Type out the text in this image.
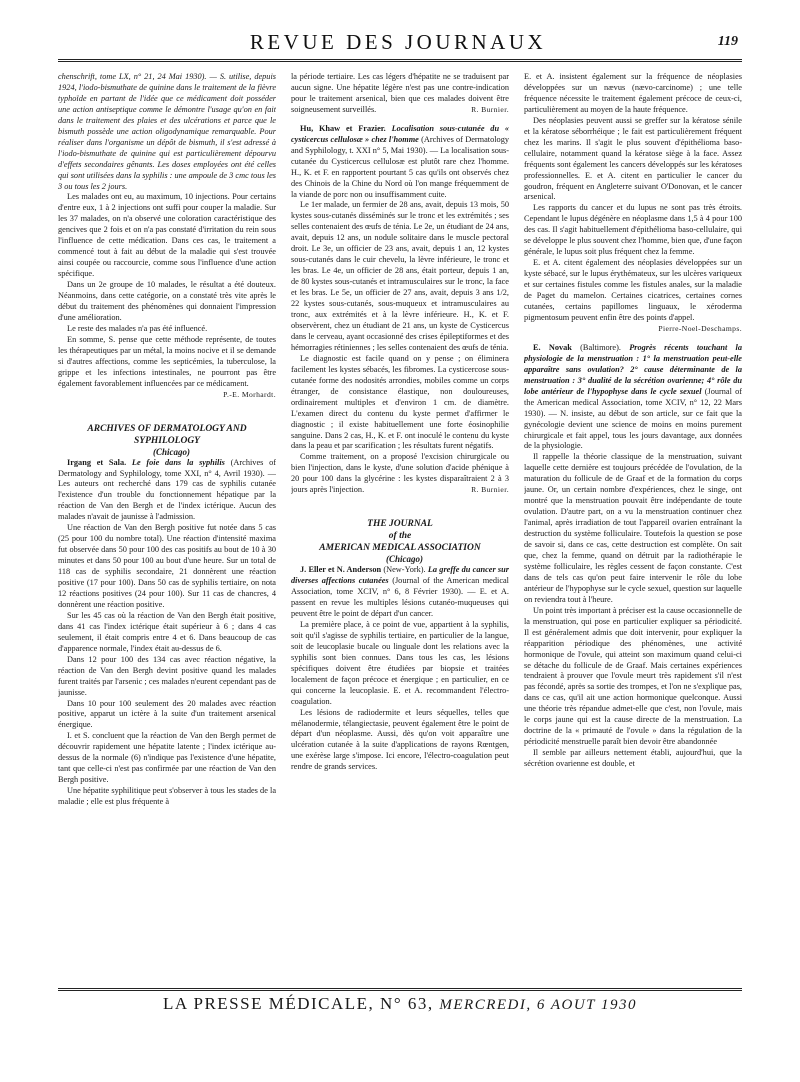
REVUE DES JOURNAUX	119

chenschrift, tome LX, n° 21, 24 Mai 1930). — S. utilise, depuis 1924, l'iodo-bismuthate de quinine dans le traitement de la fièvre typhoïde en partant de l'idée que ce médicament doit posséder une action antiseptique comme le démontre l'usage qu'on en fait dans le traitement des plaies et des ulcérations et parce que le bismuth possède une action oligodynamique remarquable. Pour réaliser dans l'organisme un dépôt de bismuth, il s'est adressé à l'iodo-bismuthate de quinine qui est particulièrement dépourvu d'effets secondaires gênants. Les doses employées ont été celles qui sont utilisées dans la syphilis : une ampoule de 3 cmc tous les 3 ou tous les 2 jours.

Les malades ont eu, au maximum, 10 injections. Pour certains d'entre eux, 1 à 2 injections ont suffi pour couper la maladie. Sur les 37 malades, on n'a observé une coloration caractéristique des gencives que 2 fois et on n'a pas constaté d'irritation du rein sous l'influence de cette médication. Dans ces cas, le traitement a commencé tout à fait au début de la maladie qui s'est trouvée ainsi coupée ou raccourcie, comme sous l'influence d'une action spécifique.

Dans un 2e groupe de 10 malades, le résultat a été douteux. Néanmoins, dans cette catégorie, on a constaté très vite après le début du traitement des phénomènes qui donnaient l'impression d'une amélioration.

Le reste des malades n'a pas été influencé.

En somme, S. pense que cette méthode représente, de toutes les thérapeutiques par un métal, la moins nocive et il se demande si d'autres affections, comme les septicémies, la tuberculose, la grippe et les infections intestinales, ne pourront pas être également favorablement influencées par ce médicament.

P.-E. Morhardt.

ARCHIVES OF DERMATOLOGY AND SYPHILOLOGY

(Chicago)

Irgang et Sala. Le foie dans la syphilis (Archives of Dermatology and Syphilology, tome XXI, n° 4, Avril 1930). — Les auteurs ont recherché dans 179 cas de syphilis cutanée l'existence d'un trouble du fonctionnement hépatique par la réaction de Van den Bergh et de l'index ictérique. Aucun des malades n'avait de jaunisse à l'admission.

Une réaction de Van den Bergh positive fut notée dans 5 cas (25 pour 100 du nombre total). Une réaction d'intensité maxima fut observée dans 50 pour 100 des cas positifs au bout de 10 à 30 minutes et dans 50 pour 100 au bout d'une heure. Sur un total de 118 cas de syphilis secondaire, 21 donnèrent une réaction positive (17 pour 100). Dans 50 cas de syphilis tertiaire, on nota 12 réactions positives (24 pour 100). Sur 11 cas de chancres, 4 donnèrent une réaction positive.

Sur les 45 cas où la réaction de Van den Bergh était positive, dans 41 cas l'index ictérique était supérieur à 6 ; dans 4 cas seulement, il était compris entre 4 et 6. Dans beaucoup de cas d'apparence normale, l'index était au-dessus de 6.

Dans 12 pour 100 des 134 cas avec réaction négative, la réaction de Van den Bergh devint positive quand les malades furent traités par l'arsenic ; ces malades n'eurent cependant pas de jaunisse.

Dans 10 pour 100 seulement des 20 malades avec réaction positive, apparut un ictère à la suite d'un traitement arsenical énergique.

I. et S. concluent que la réaction de Van den Bergh permet de découvrir rapidement une hépatite latente ; l'index ictérique au-dessus de la normale (6) n'indique pas l'existence d'une hépatite, tant que celle-ci n'est pas confirmée par une réaction de Van den Bergh positive.

Une hépatite syphilitique peut s'observer à tous les stades de la maladie ; elle est plus fréquente à

la période tertiaire. Les cas légers d'hépatite ne se traduisent par aucun signe. Une hépatite légère n'est pas une contre-indication pour le traitement arsenical, bien que ces malades doivent être soigneusement surveillés.	R. Burnier.

Hu, Khaw et Frazier. Localisation sous-cutanée du « cysticercus cellulosæ » chez l'homme (Archives of Dermatology and Syphilology, t. XXI n° 5, Mai 1930). — La localisation sous-cutanée du Cysticercus cellulosæ est plutôt rare chez l'homme. H., K. et F. en rapportent pourtant 5 cas qu'ils ont observés chez des Chinois de la Chine du Nord où l'on mange fréquemment de la viande de porc non ou insuffisamment cuite.

Le 1er malade, un fermier de 28 ans, avait, depuis 13 mois, 50 kystes sous-cutanés disséminés sur le tronc et les extrémités ; ses selles contenaient des œufs de ténia. Le 2e, un étudiant de 24 ans, avait, depuis 12 ans, un nodule solitaire dans le muscle pectoral droit. Le 3e, un officier de 23 ans, avait, depuis 1 an, 12 kystes sous-cutanés dans le cuir chevelu, la lèvre inférieure, le tronc et les bras. Le 4e, un officier de 28 ans, était porteur, depuis 1 an, de 80 kystes sous-cutanés et intramusculaires sur le tronc, la face et les bras. Le 5e, un officier de 27 ans, avait, depuis 3 ans 1/2, 22 kystes sous-cutanés, sous-muqueux et intramusculaires au tronc, aux extrémités et à la lèvre inférieure. H., K. et F. observèrent, chez un étudiant de 21 ans, un kyste de Cysticercus dans le cerveau, ayant occasionné des crises épileptiformes et des hémorragies rétiniennes ; les selles contenaient des œufs de ténia.

Le diagnostic est facile quand on y pense ; on éliminera facilement les kystes sébacés, les fibromes. La cysticercose sous-cutanée forme des nodosités arrondies, mobiles comme un corps étranger, de consistance élastique, non douloureuses, ordinairement multiples et d'environ 1 cm. de diamètre. L'examen direct du contenu du kyste permet d'affirmer le diagnostic ; il existe habituellement une forte éosinophilie sanguine. Dans 2 cas, H., K. et F. ont inoculé le contenu du kyste dans la peau et par scarification ; les résultats furent négatifs.

Comme traitement, on a proposé l'excision chirurgicale ou bien l'injection, dans le kyste, d'une solution d'acide phénique à 20 pour 100 dans la glycérine : les kystes disparaîtraient 2 à 3 jours après l'injection.	R. Burnier.

THE JOURNAL

of the

AMERICAN MEDICAL ASSOCIATION

(Chicago)

J. Eller et N. Anderson (New-York). La greffe du cancer sur diverses affections cutanées (Journal of the American medical Association, tome XCIV, n° 6, 8 Février 1930). — E. et A. passent en revue les multiples lésions cutanéo-muqueuses qui peuvent être le point de départ d'un cancer.

La première place, à ce point de vue, appartient à la syphilis, soit qu'il s'agisse de syphilis tertiaire, en particulier de la langue, soit de leucoplasie bucale ou linguale dont les relations avec la syphilis sont bien connues. Dans tous les cas, les lésions spécifiques doivent être étudiées par biopsie et traitées localement de façon précoce et énergique ; en particulier, en ce qui concerne la leucoplasie. E. et A. recommandent l'électro-coagulation.

Les lésions de radiodermite et leurs séquelles, telles que mélanodermie, télangiectasie, peuvent également être le point de départ d'un néoplasme. Aussi, dès qu'on voit apparaître une ulcération cutanée à la suite d'applications de rayons Rœntgen, une exérèse large s'impose. Ici encore, l'électro-coagulation peut rendre de grands services.

E. et A. insistent également sur la fréquence de néoplasies développées sur un nævus (nævo-carcinome) ; une telle fréquence nécessite le traitement également précoce de ceux-ci, particulièrement au moyen de la haute fréquence.

Des néoplasies peuvent aussi se greffer sur la kératose sénile et la kératose séborrhéique ; le fait est particulièrement fréquent chez les marins. Il s'agit le plus souvent d'épithélioma baso-cellulaire, notamment quand la kératose siège à la face. Assez fréquents sont également les cancers développés sur les kératoses professionnelles. E. et A. citent en particulier le cancer du goudron, fréquent en Angleterre suivant O'Donovan, et le cancer arsenical.

Les rapports du cancer et du lupus ne sont pas très étroits. Cependant le lupus dégénère en néoplasme dans 1,5 à 4 pour 100 des cas. Il s'agit habituellement d'épithélioma baso-cellulaire, qui se développe le plus souvent chez l'homme, bien que, d'une façon générale, le lupus soit plus fréquent chez la femme.

E. et A. citent également des néoplasies développées sur un kyste sébacé, sur le lupus érythémateux, sur les ulcères variqueux et sur certaines fistules comme les fistules anales, sur la maladie de Paget du mamelon. Certaines cicatrices, certaines cornes cutanées, certains papillomes linguaux, le xéroderma pigmentosum peuvent enfin être des points d'appel.

Pierre-Noel-Deschamps.

E. Novak (Baltimore). Progrès récents touchant la physiologie de la menstruation : 1° la menstruation peut-elle apparaître sans ovulation? 2° cause déterminante de la menstruation : 3° dualité de la sécrétion ovarienne; 4° rôle du lobe antérieur de l'hypophyse dans le cycle sexuel (Journal of the American medical Association, tome XCIV, n° 12, 22 Mars 1930). — N. insiste, au début de son article, sur ce fait que la gynécologie devient une science de moins en moins purement chirurgicale et fait appel, tous les jours davantage, aux données de la physiologie.

Il rappelle la théorie classique de la menstruation, suivant laquelle cette dernière est toujours précédée de l'ovulation, de la maturation du follicule de de Graaf et de la formation du corps jaune. Or, un certain nombre d'expériences, chez le singe, ont montré que la menstruation pouvait être indépendante de toute ovulation. D'autre part, on a vu la menstruation continuer chez l'animal, après irradiation de tout l'appareil ovarien entraînant la destruction du système folliculaire. Toutefois la question se pose de savoir si, dans ce cas, cette destruction est complète. On sait que, chez la femme, quand on détruit par la radiothérapie le système folliculaire, les règles cessent de façon constante. C'est dans de tels cas qu'on peut faire intervenir le rôle du lobe antérieur de l'hypophyse sur le cycle sexuel, question sur laquelle on reviendra tout à l'heure.

Un point très important à préciser est la cause occasionnelle de la menstruation, qui pose en particulier expliquer sa périodicité. Il est généralement admis que doit intervenir, pour expliquer la réapparition périodique des phénomènes, une activité hormonique de l'ovule, qui atteint son maximum quand celui-ci se détache du follicule de de Graaf. Mais certaines expériences tendraient à prouver que l'ovule meurt très rapidement s'il n'est pas fécondé, après sa sortie des trompes, et l'on ne s'explique pas, dans ce cas, qu'il ait une action hormonique quelconque. Aussi une théorie très répandue admet-elle que c'est, non l'ovule, mais le corps jaune qui est la cause directe de la menstruation. La doctrine de la « primauté de l'ovule » dans la régulation de la périodicité menstruelle paraît bien devoir être abandonnée

Il semble par ailleurs nettement établi, aujourd'hui, que la sécrétion ovarienne est double, et

LA PRESSE MÉDICALE, N° 63, MERCREDI, 6 AOUT 1930
